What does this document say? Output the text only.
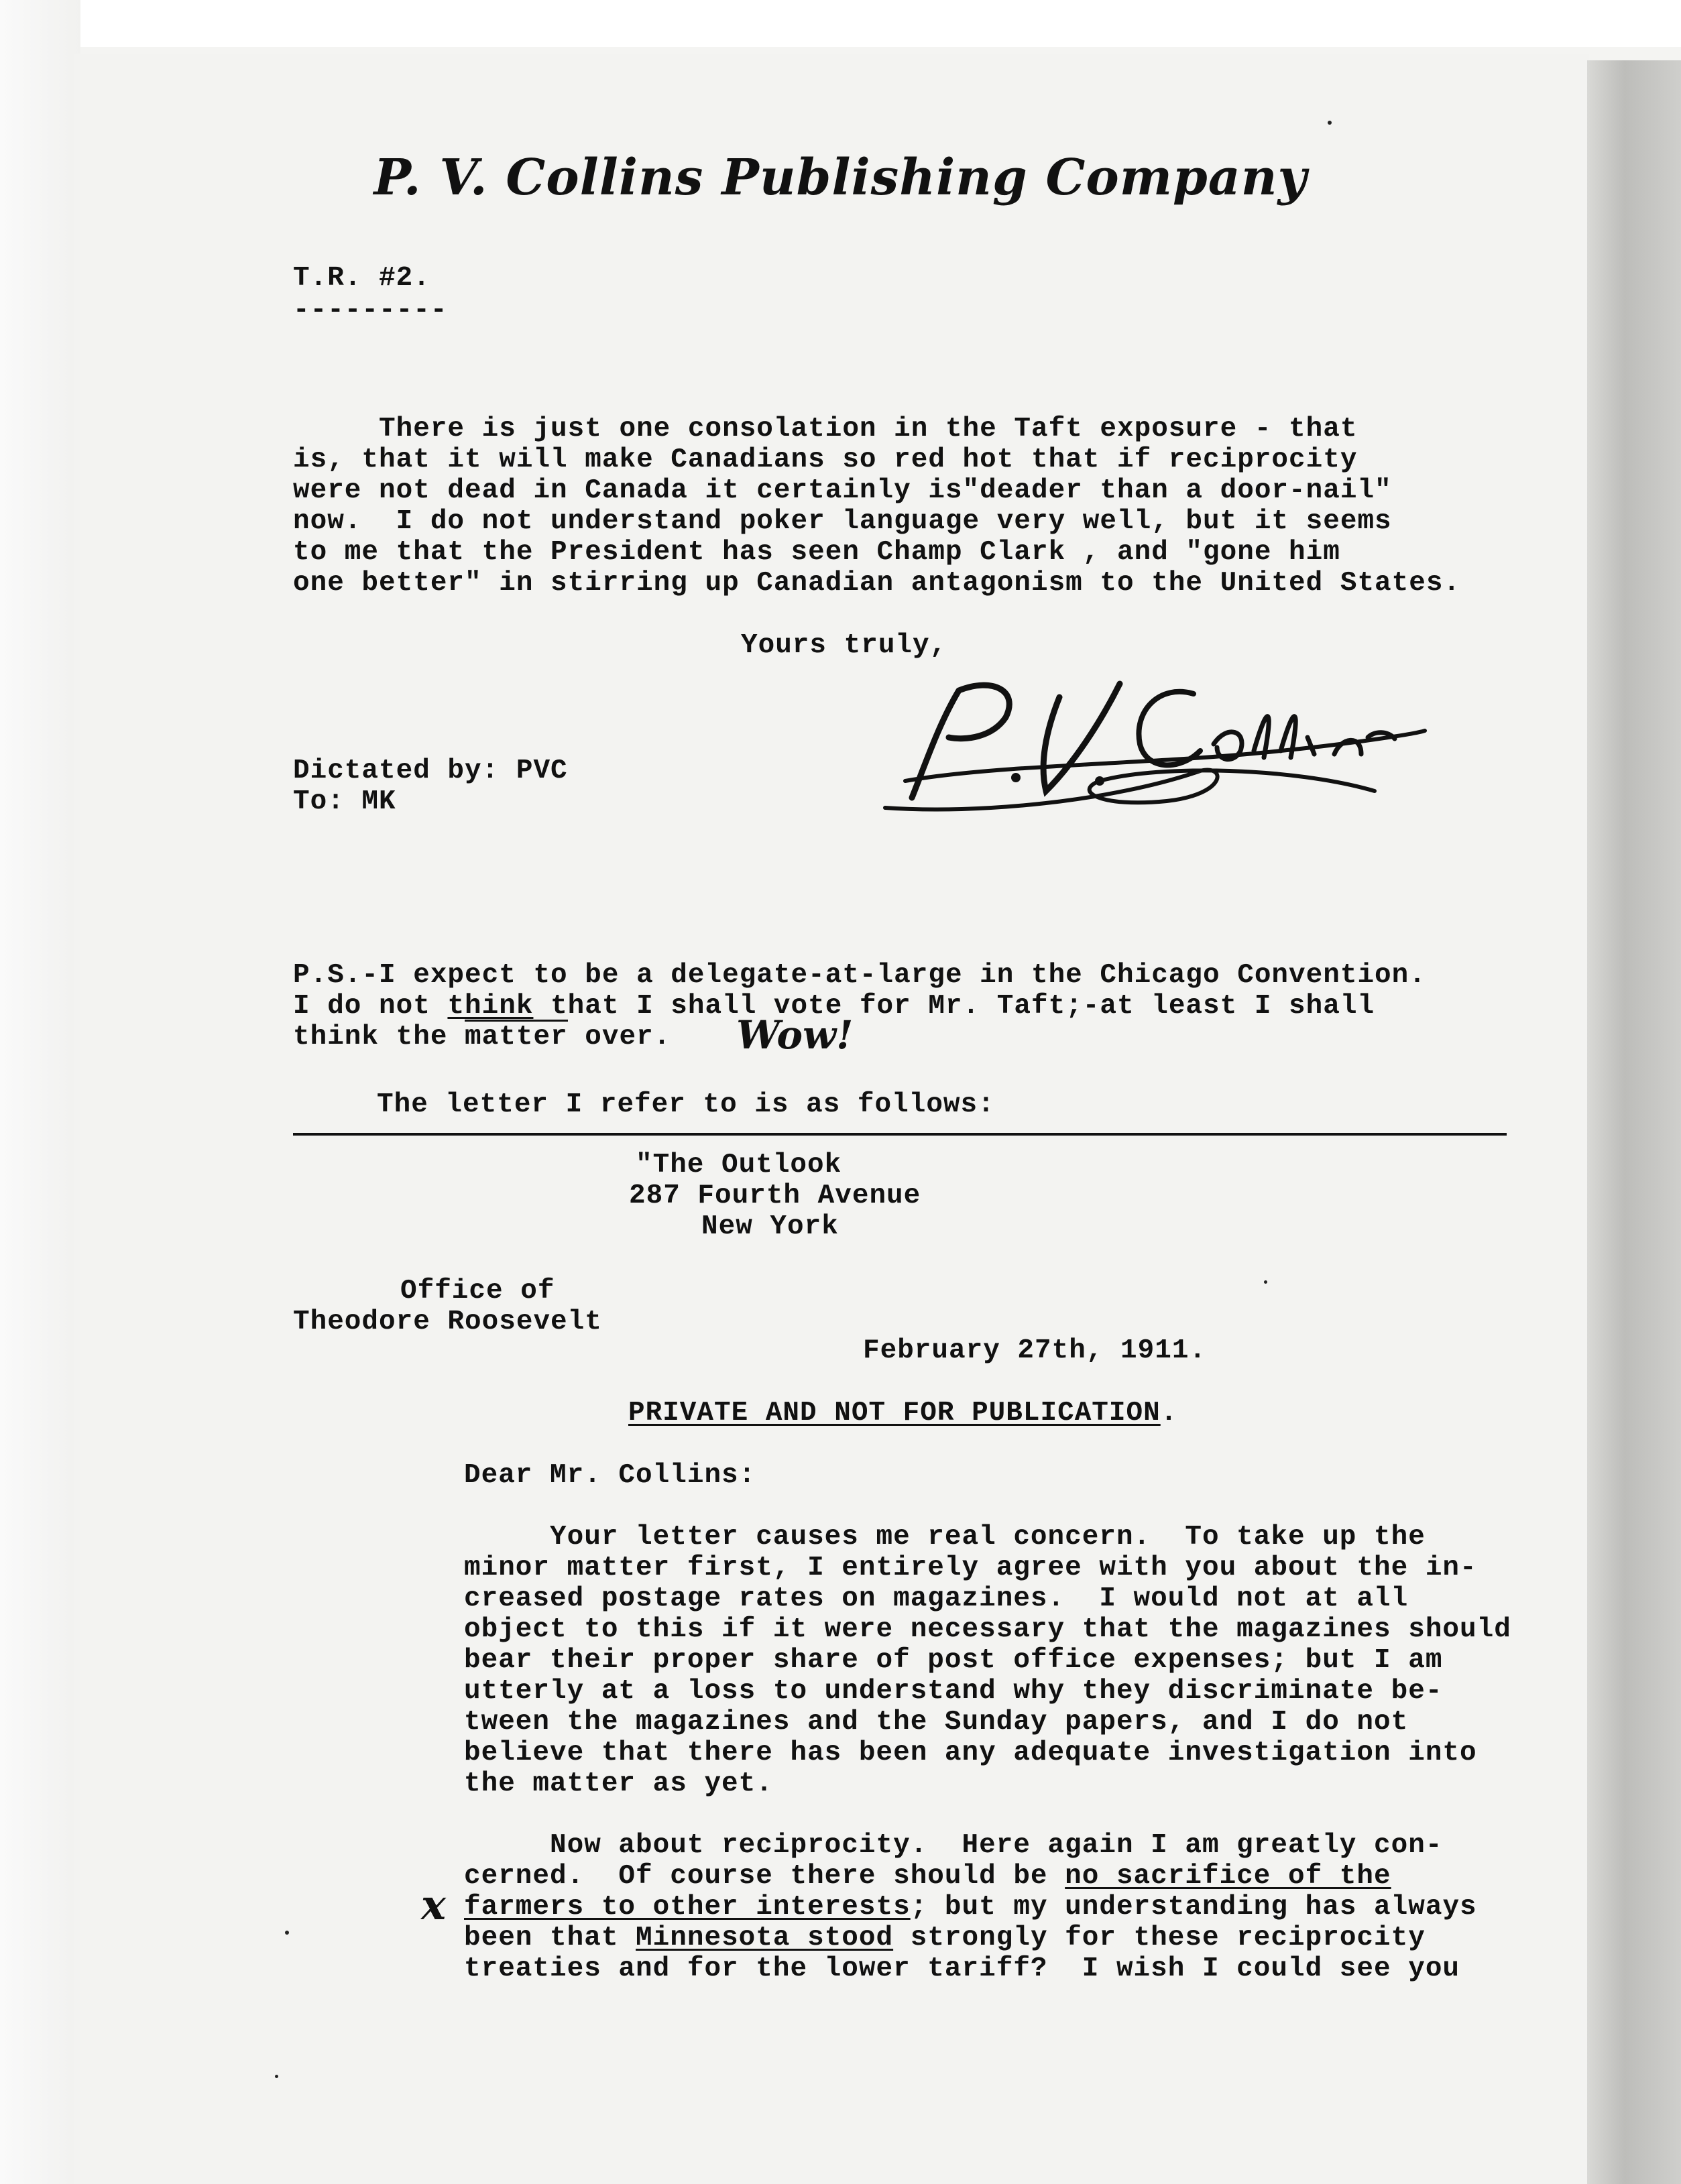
P. V. Collins Publishing Company

T.R. #2.

---------

There is just one consolation in the Taft exposure - that

is, that it will make Canadians so red hot that if reciprocity

were not dead in Canada it certainly is"deader than a door-nail"

now.  I do not understand poker language very well, but it seems

to me that the President has seen Champ Clark , and "gone him

one better" in stirring up Canadian antagonism to the United States.

Yours truly,

Dictated by: PVC

To: MK

P.S.-I expect to be a delegate-at-large in the Chicago Convention.

I do not think that I shall vote for Mr. Taft;-at least I shall

think the matter over. Wow!

The letter I refer to is as follows:

"The Outlook

287 Fourth Avenue

New York

Office of

Theodore Roosevelt

February 27th, 1911.

PRIVATE AND NOT FOR PUBLICATION.

Dear Mr. Collins:

Your letter causes me real concern.  To take up the

minor matter first, I entirely agree with you about the in-

creased postage rates on magazines.  I would not at all

object to this if it were necessary that the magazines should

bear their proper share of post office expenses; but I am

utterly at a loss to understand why they discriminate be-

tween the magazines and the Sunday papers, and I do not

believe that there has been any adequate investigation into

the matter as yet.

Now about reciprocity.  Here again I am greatly con-

cerned.  Of course there should be no sacrifice of the

farmers to other interests; but my understanding has always

been that Minnesota stood strongly for these reciprocity

treaties and for the lower tariff?  I wish I could see you

x
